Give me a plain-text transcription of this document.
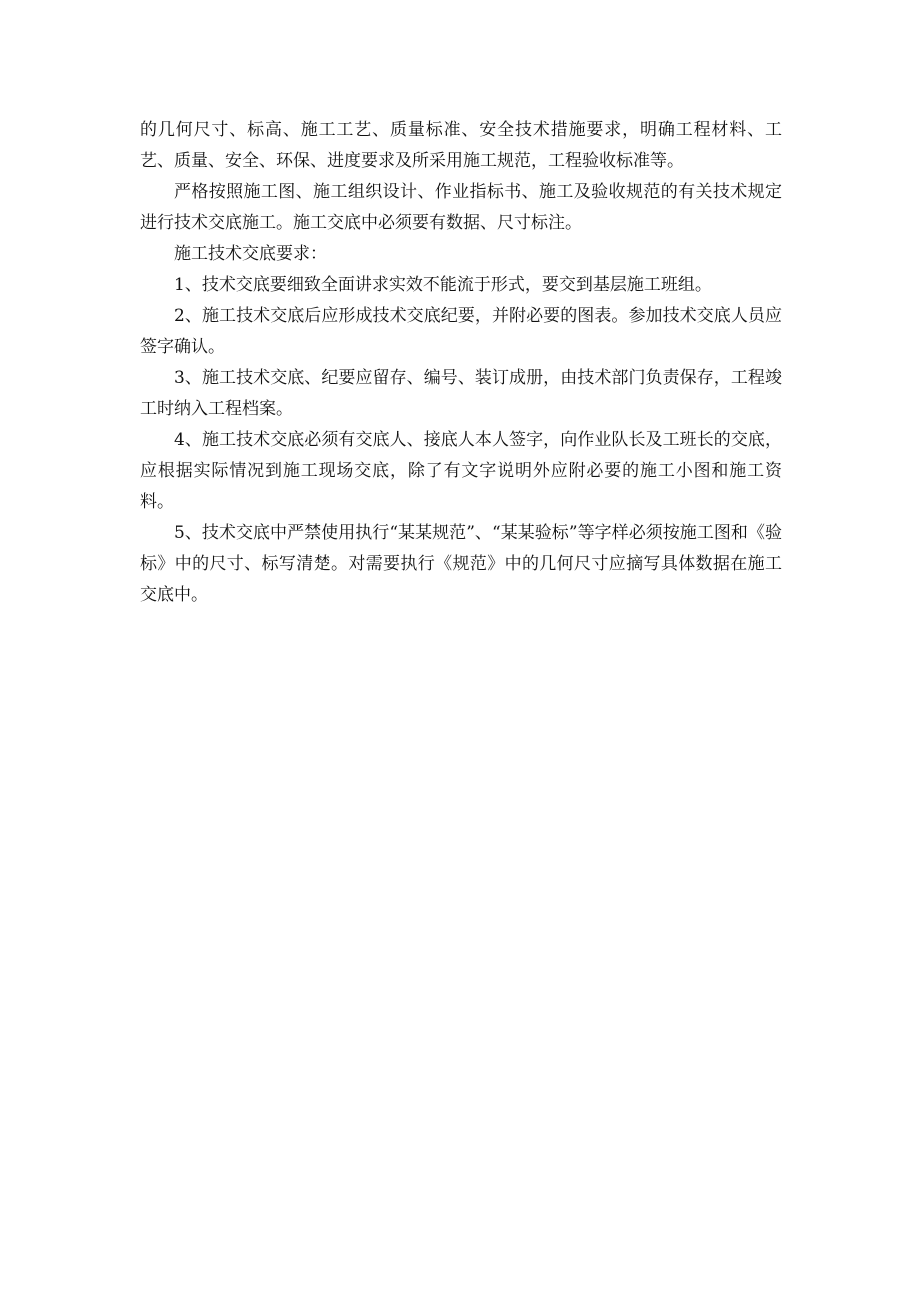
的几何尺寸、标高、施工工艺、质量标准、安全技术措施要求，明确工程材料、工艺、质量、安全、环保、进度要求及所采用施工规范，工程验收标准等。

严格按照施工图、施工组织设计、作业指标书、施工及验收规范的有关技术规定进行技术交底施工。施工交底中必须要有数据、尺寸标注。

施工技术交底要求：

1、技术交底要细致全面讲求实效不能流于形式，要交到基层施工班组。

2、施工技术交底后应形成技术交底纪要，并附必要的图表。参加技术交底人员应签字确认。

3、施工技术交底、纪要应留存、编号、装订成册，由技术部门负责保存，工程竣工时纳入工程档案。

4、施工技术交底必须有交底人、接底人本人签字，向作业队长及工班长的交底，应根据实际情况到施工现场交底，除了有文字说明外应附必要的施工小图和施工资料。

5、技术交底中严禁使用执行“某某规范”、“某某验标”等字样必须按施工图和《验标》中的尺寸、标写清楚。对需要执行《规范》中的几何尺寸应摘写具体数据在施工交底中。
